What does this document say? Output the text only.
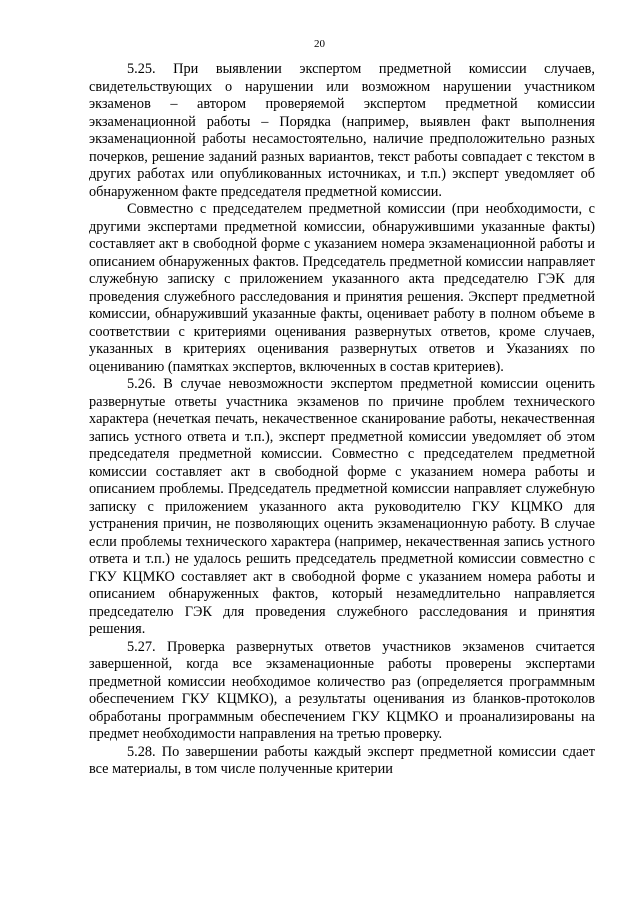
20

5.25. При выявлении экспертом предметной комиссии случаев, свидетельствующих о нарушении или возможном нарушении участником экзаменов – автором проверяемой экспертом предметной комиссии экзаменационной работы – Порядка (например, выявлен факт выполнения экзаменационной работы несамостоятельно, наличие предположительно разных почерков, решение заданий разных вариантов, текст работы совпадает с текстом в других работах или опубликованных источниках, и т.п.) эксперт уведомляет об обнаруженном факте председателя предметной комиссии.

Совместно с председателем предметной комиссии (при необходимости, с другими экспертами предметной комиссии, обнаружившими указанные факты) составляет акт в свободной форме с указанием номера экзаменационной работы и описанием обнаруженных фактов. Председатель предметной комиссии направляет служебную записку с приложением указанного акта председателю ГЭК для проведения служебного расследования и принятия решения. Эксперт предметной комиссии, обнаруживший указанные факты, оценивает работу в полном объеме в соответствии с критериями оценивания развернутых ответов, кроме случаев, указанных в критериях оценивания развернутых ответов и Указаниях по оцениванию (памятках экспертов, включенных в состав критериев).

5.26. В случае невозможности экспертом предметной комиссии оценить развернутые ответы участника экзаменов по причине проблем технического характера (нечеткая печать, некачественное сканирование работы, некачественная запись устного ответа и т.п.), эксперт предметной комиссии уведомляет об этом председателя предметной комиссии. Совместно с председателем предметной комиссии составляет акт в свободной форме с указанием номера работы и описанием проблемы. Председатель предметной комиссии направляет служебную записку с приложением указанного акта руководителю ГКУ КЦМКО для устранения причин, не позволяющих оценить экзаменационную работу. В случае если проблемы технического характера (например, некачественная запись устного ответа и т.п.) не удалось решить председатель предметной комиссии совместно с ГКУ КЦМКО составляет акт в свободной форме с указанием номера работы и описанием обнаруженных фактов, который незамедлительно направляется председателю ГЭК для проведения служебного расследования и принятия решения.

5.27. Проверка развернутых ответов участников экзаменов считается завершенной, когда все экзаменационные работы проверены экспертами предметной комиссии необходимое количество раз (определяется программным обеспечением ГКУ КЦМКО), а результаты оценивания из бланков-протоколов обработаны программным обеспечением ГКУ КЦМКО и проанализированы на предмет необходимости направления на третью проверку.

5.28. По завершении работы каждый эксперт предметной комиссии сдает все материалы, в том числе полученные критерии
